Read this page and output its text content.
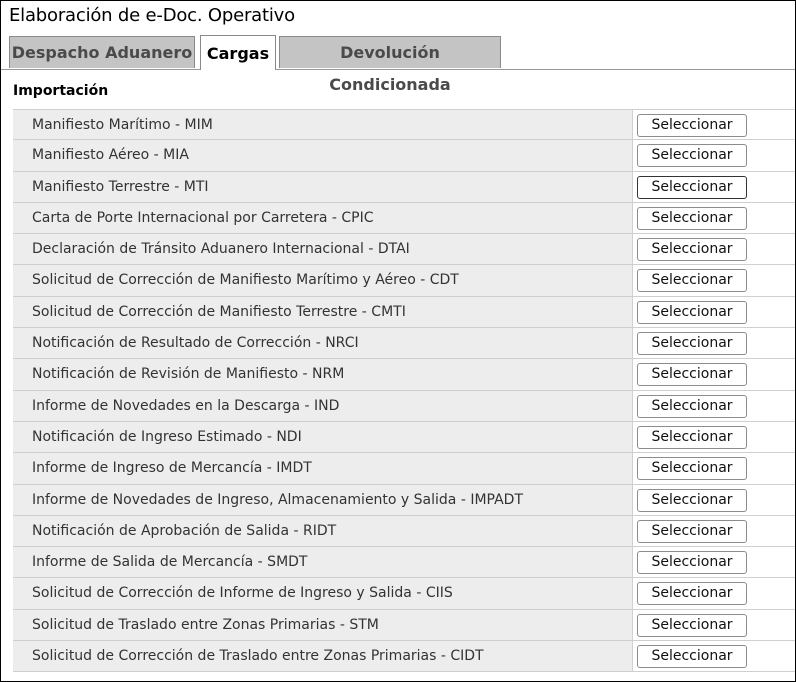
Elaboración de e-Doc. Operativo
Despacho Aduanero Cargas	Devolución Condicionada
Importación
Manifiesto Marítimo - MIM	Seleccionar
Manifiesto Aéreo - MIA	Seleccionar
Manifiesto Terrestre - MTI	Seleccionar
Carta de Porte Internacional por Carretera - CPIC	Seleccionar
Declaración de Tránsito Aduanero Internacional - DTAI	Seleccionar
Solicitud de Corrección de Manifiesto Marítimo y Aéreo - CDT	Seleccionar
Solicitud de Corrección de Manifiesto Terrestre - CMTI	Seleccionar
Notificación de Resultado de Corrección - NRCI	Seleccionar
Notificación de Revisión de Manifiesto - NRM	Seleccionar
Informe de Novedades en la Descarga - IND	Seleccionar
Notificación de Ingreso Estimado - NDI	Seleccionar
Informe de Ingreso de Mercancía - IMDT	Seleccionar
Informe de Novedades de Ingreso, Almacenamiento y Salida - IMPADT	Seleccionar
Notificación de Aprobación de Salida - RIDT	Seleccionar
Informe de Salida de Mercancía - SMDT	Seleccionar
Solicitud de Corrección de Informe de Ingreso y Salida - CIIS	Seleccionar
Solicitud de Traslado entre Zonas Primarias - STM	Seleccionar
Solicitud de Corrección de Traslado entre Zonas Primarias - CIDT	Seleccionar
